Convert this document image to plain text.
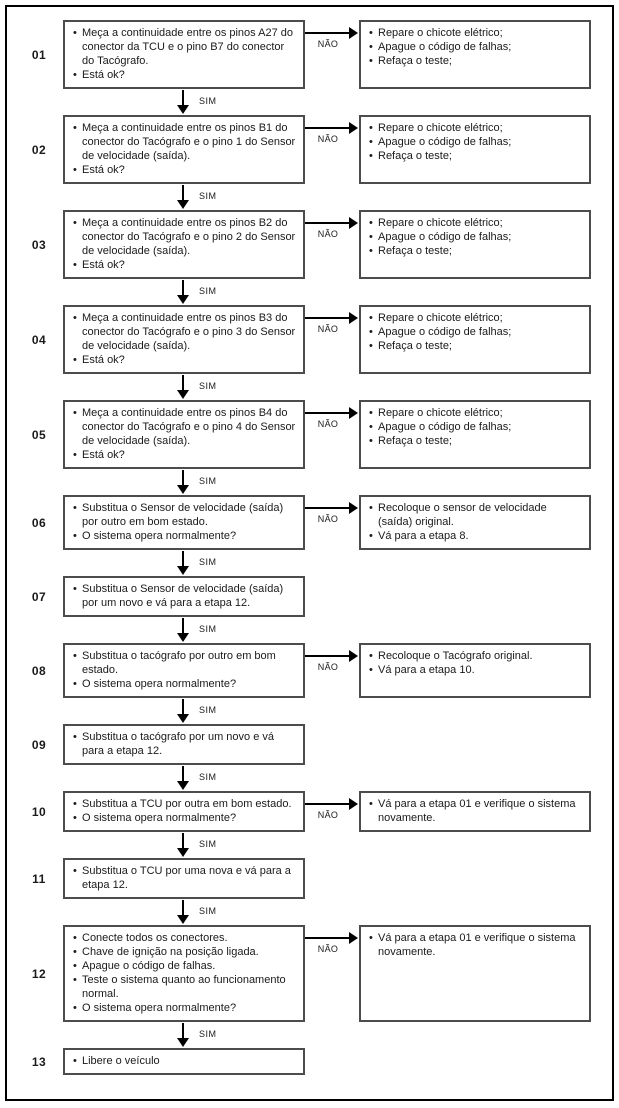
01
• Meça a continuidade entre os pinos A27 do conector da TCU e o pino B7 do conector do Tacógrafo.
• Está ok?
NÃO
• Repare o chicote elétrico;
• Apague o código de falhas;
• Refaça o teste;
SIM
02
• Meça a continuidade entre os pinos B1 do conector do Tacógrafo e o pino 1 do Sensor de velocidade (saída).
• Está ok?
NÃO
• Repare o chicote elétrico;
• Apague o código de falhas;
• Refaça o teste;
SIM
03
• Meça a continuidade entre os pinos B2 do conector do Tacógrafo e o pino 2 do Sensor de velocidade (saída).
• Está ok?
NÃO
• Repare o chicote elétrico;
• Apague o código de falhas;
• Refaça o teste;
SIM
04
• Meça a continuidade entre os pinos B3 do conector do Tacógrafo e o pino 3 do Sensor de velocidade (saída).
• Está ok?
NÃO
• Repare o chicote elétrico;
• Apague o código de falhas;
• Refaça o teste;
SIM
05
• Meça a continuidade entre os pinos B4 do conector do Tacógrafo e o pino 4 do Sensor de velocidade (saída).
• Está ok?
NÃO
• Repare o chicote elétrico;
• Apague o código de falhas;
• Refaça o teste;
SIM
06
• Substitua o Sensor de velocidade (saída) por outro em bom estado.
• O sistema opera normalmente?
NÃO
• Recoloque o sensor de velocidade (saída) original.
• Vá para a etapa 8.
SIM
07
• Substitua o Sensor de velocidade (saída) por um novo e vá para a etapa 12.
SIM
08
• Substitua o tacógrafo por outro em bom estado.
• O sistema opera normalmente?
NÃO
• Recoloque o Tacógrafo original.
• Vá para a etapa 10.
SIM
09
• Substitua o tacógrafo por um novo e vá para a etapa 12.
SIM
10
• Substitua a TCU por outra em bom estado.
• O sistema opera normalmente?	NÃO
• Vá para a etapa 01 e verifique o sistema novamente.
SIM
11
• Substitua o TCU por uma nova e vá para a etapa 12.
SIM
12
• Conecte todos os conectores.
• Chave de ignição na posição ligada.
• Apague o código de falhas.
• Teste o sistema quanto ao funcionamento normal.
• O sistema opera normalmente?
NÃO
• Vá para a etapa 01 e verifique o sistema novamente.
SIM
13	• Libere o veículo
